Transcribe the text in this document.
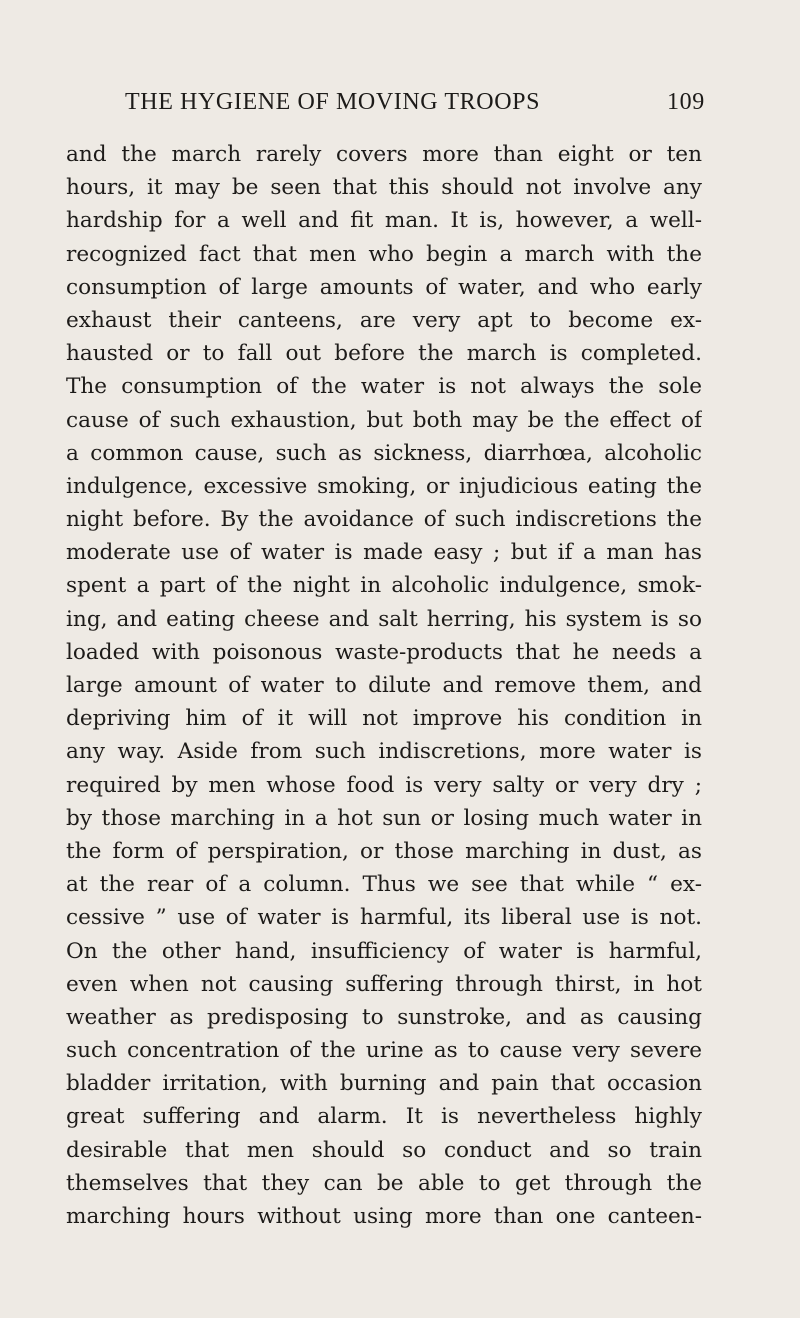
THE HYGIENE OF MOVING TROOPS	109
and the march rarely covers more than eight or ten
hours, it may be seen that this should not involve any
hardship for a well and fit man. It is, however, a well-
recognized fact that men who begin a march with the
consumption of large amounts of water, and who early
exhaust their canteens, are very apt to become ex-
hausted or to fall out before the march is completed.
The consumption of the water is not always the sole
cause of such exhaustion, but both may be the effect of
a common cause, such as sickness, diarrhœa, alcoholic
indulgence, excessive smoking, or injudicious eating the
night before. By the avoidance of such indiscretions the
moderate use of water is made easy ; but if a man has
spent a part of the night in alcoholic indulgence, smok-
ing, and eating cheese and salt herring, his system is so
loaded with poisonous waste-products that he needs a
large amount of water to dilute and remove them, and
depriving him of it will not improve his condition in
any way. Aside from such indiscretions, more water is
required by men whose food is very salty or very dry ;
by those marching in a hot sun or losing much water in
the form of perspiration, or those marching in dust, as
at the rear of a column. Thus we see that while “ ex-
cessive ” use of water is harmful, its liberal use is not.
On the other hand, insufficiency of water is harmful,
even when not causing suffering through thirst, in hot
weather as predisposing to sunstroke, and as causing
such concentration of the urine as to cause very severe
bladder irritation, with burning and pain that occasion
great suffering and alarm. It is nevertheless highly
desirable that men should so conduct and so train
themselves that they can be able to get through the
marching hours without using more than one canteen-
